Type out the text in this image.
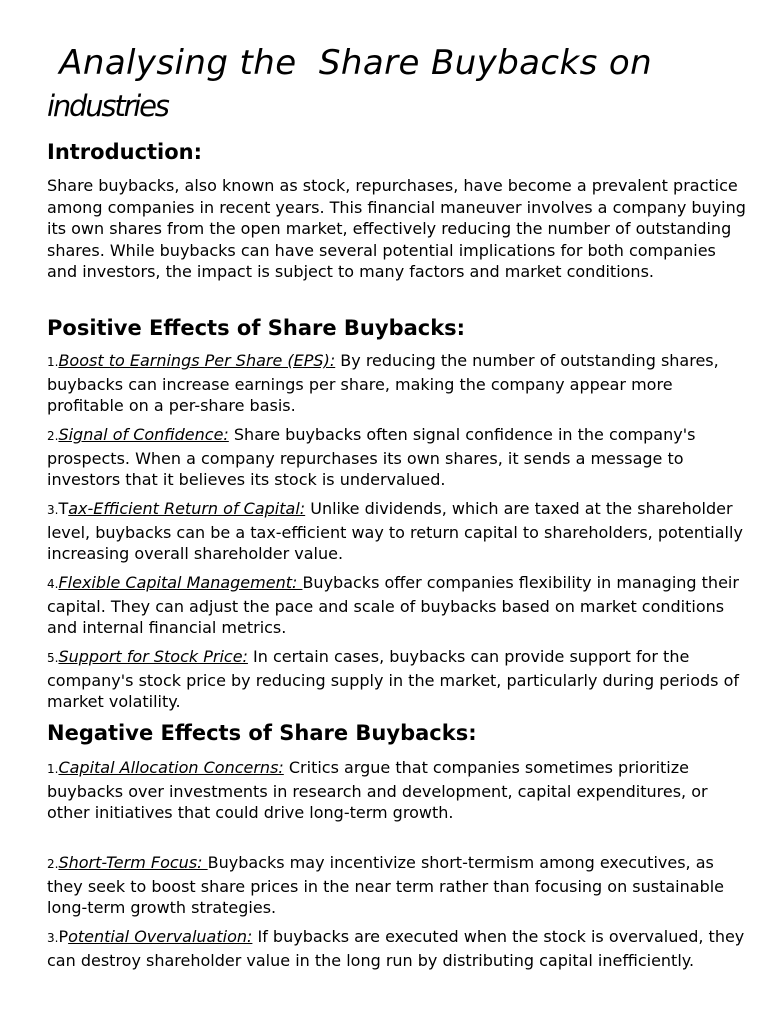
Analysing the  Share Buybacks on
industries
Introduction:

Share buybacks, also known as stock, repurchases, have become a prevalent practice among companies in recent years. This financial maneuver involves a company buying its own shares from the open market, effectively reducing the number of outstanding shares. While buybacks can have several potential implications for both companies and investors, the impact is subject to many factors and market conditions.

Positive Effects of Share Buybacks:

1.Boost to Earnings Per Share (EPS): By reducing the number of outstanding shares, buybacks can increase earnings per share, making the company appear more profitable on a per-share basis.

2.Signal of Confidence: Share buybacks often signal confidence in the company's prospects. When a company repurchases its own shares, it sends a message to investors that it believes its stock is undervalued.

3.Tax-Efficient Return of Capital: Unlike dividends, which are taxed at the shareholder level, buybacks can be a tax-efficient way to return capital to shareholders, potentially increasing overall shareholder value.

4.Flexible Capital Management: Buybacks offer companies flexibility in managing their capital. They can adjust the pace and scale of buybacks based on market conditions and internal financial metrics.

5.Support for Stock Price: In certain cases, buybacks can provide support for the company's stock price by reducing supply in the market, particularly during periods of market volatility.

Negative Effects of Share Buybacks:

1.Capital Allocation Concerns: Critics argue that companies sometimes prioritize buybacks over investments in research and development, capital expenditures, or other initiatives that could drive long-term growth.

2.Short-Term Focus: Buybacks may incentivize short-termism among executives, as they seek to boost share prices in the near term rather than focusing on sustainable long-term growth strategies.

3.Potential Overvaluation: If buybacks are executed when the stock is overvalued, they can destroy shareholder value in the long run by distributing capital inefficiently.
